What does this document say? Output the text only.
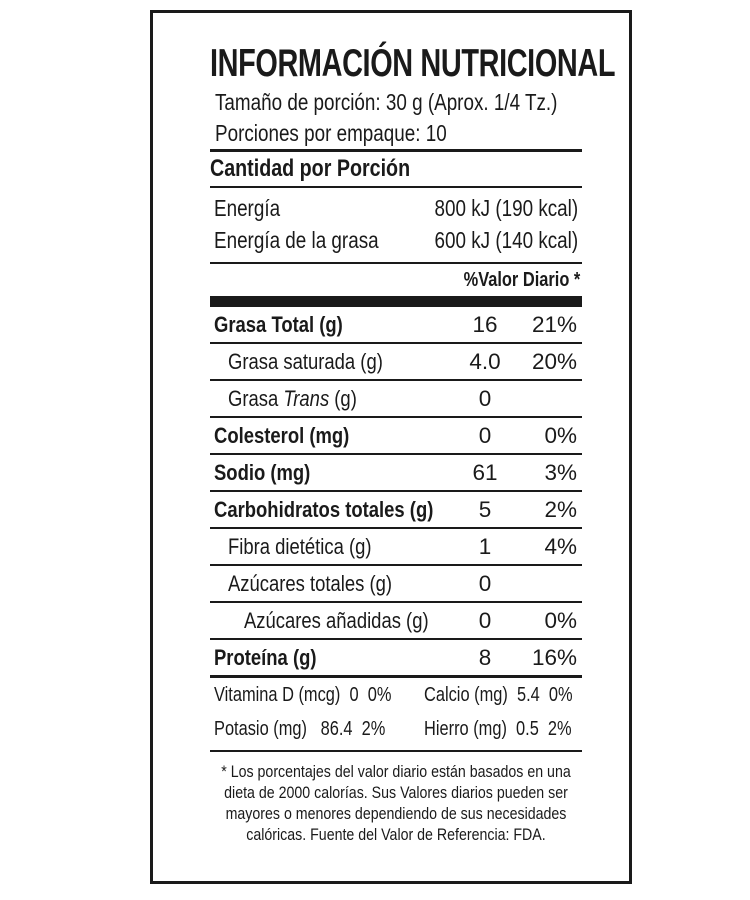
INFORMACIÓN NUTRICIONAL
Tamaño de porción: 30 g (Aprox. 1/4 Tz.)
Porciones por empaque: 10
Cantidad por Porción
Energía	800 kJ (190 kcal)
Energía de la grasa 600 kJ (140 kcal)
%Valor Diario *
Grasa Total (g)	16	21%
Grasa saturada (g)	4.0	20%
Grasa Trans (g)	0
Colesterol (mg)	0	0%
Sodio (mg)	61	3%
Carbohidratos totales (g)	5	2%
Fibra dietética (g)	1	4%
Azúcares totales (g)	0
Azúcares añadidas (g)	0	0%
Proteína (g)	8	16%
Vitamina D (mcg)  0  0% Calcio (mg)  5.4  0%
Potasio (mg)   86.4  2% Hierro (mg)  0.5  2%
* Los porcentajes del valor diario están basados en una dieta de 2000 calorías. Sus Valores diarios pueden ser mayores o menores dependiendo de sus necesidades calóricas. Fuente del Valor de Referencia: FDA.
